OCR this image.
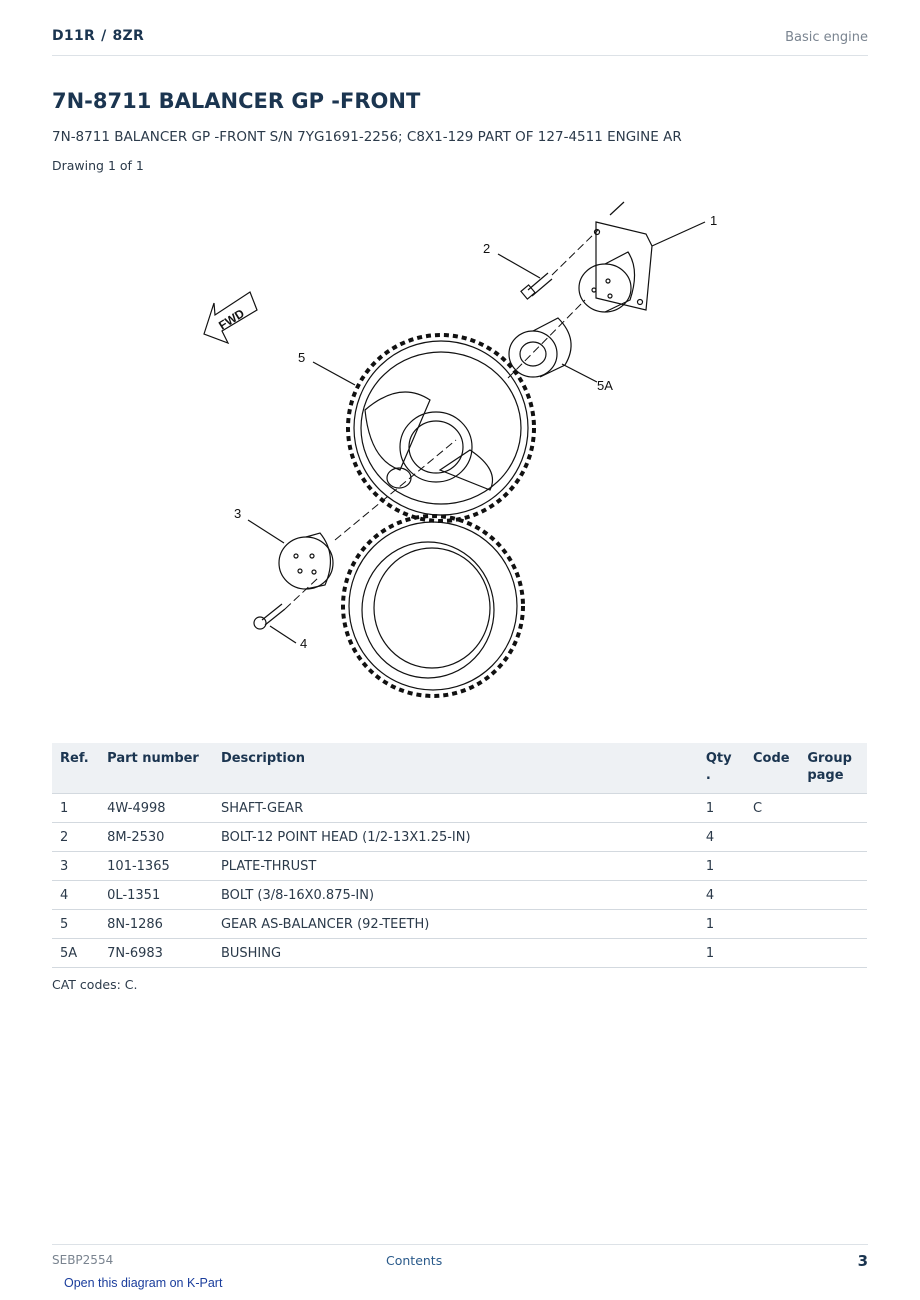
D11R / 8ZR	Basic engine
7N-8711 BALANCER GP -FRONT
7N-8711 BALANCER GP -FRONT S/N 7YG1691-2256; C8X1-129 PART OF 127-4511 ENGINE AR
Drawing 1 of 1
FWD
1
2
3
4
5
5A
Ref.	Part number	Description	Qty .	Code	Group page
1	4W-4998	SHAFT-GEAR	1	C	
2	8M-2530	BOLT-12 POINT HEAD (1/2-13X1.25-IN)	4		
3	101-1365	PLATE-THRUST	1		
4	0L-1351	BOLT (3/8-16X0.875-IN)	4		
5	8N-1286	GEAR AS-BALANCER (92-TEETH)	1		
5A	7N-6983	BUSHING	1		
CAT codes: C.
SEBP2554	Contents	3
Open this diagram on K-Part
